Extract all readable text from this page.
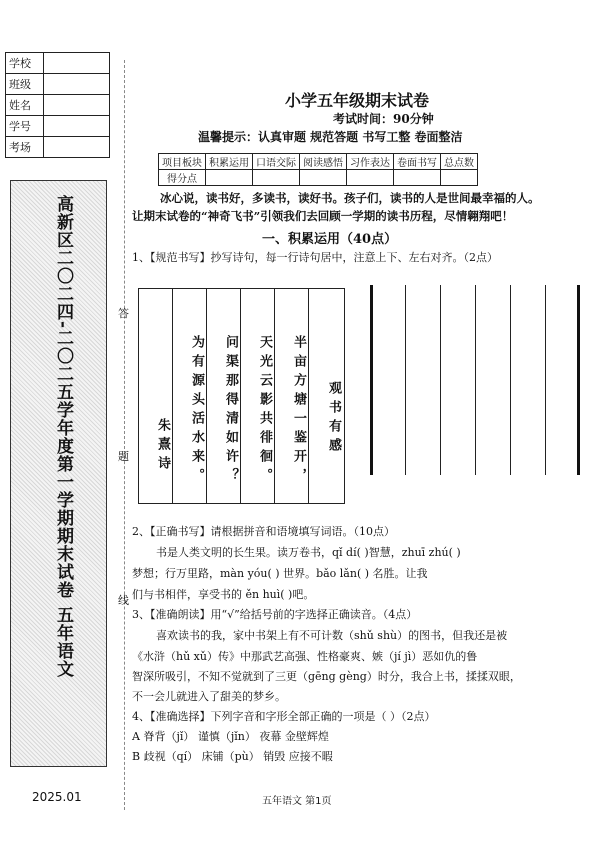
学校	
班级	
姓名	
学号	
考场	
高新区二〇二四-二〇二五学年度第一学期期末试卷 五年语文	答
题
线
2025.01	五年语文 第1页
小学五年级期末试卷
考试时间：90分钟
温馨提示：认真审题 规范答题 书写工整 卷面整洁
项目板块	积累运用	口语交际	阅读感悟	习作表达	卷面书写	总点数
得分点						
冰心说，读书好，多读书，读好书。孩子们，读书的人是世间最幸福的人。
让期末试卷的“神奇飞书”引领我们去回顾一学期的读书历程，尽情翱翔吧！
一、积累运用（40点）
1、【规范书写】抄写诗句，每一行诗句居中，注意上下、左右对齐。（2点）
朱熹诗	为有源头活水来。	问渠那得清如许？	天光云影共徘徊。	半亩方塘一鉴开，	观书有感
2、【正确书写】请根据拼音和语境填写词语。（10点）
书是人类文明的长生果。读万卷书，qǐ dí( )智慧，zhuī zhú( )
梦想；行万里路，màn yóu( ) 世界。bǎo lǎn( ) 名胜。让我
们与书相伴，享受书的 ěn huì( )吧。
3、【准确朗读】用“√”给括号前的字选择正确读音。（4点）
喜欢读书的我，家中书架上有不可计数（shǔ shù）的图书，但我还是被
《水浒（hǔ xǔ）传》中那武艺高强、性格豪爽、嫉（jí jì）恶如仇的鲁
智深所吸引，不知不觉就到了三更（gēng gèng）时分，我合上书，揉揉双眼，
不一会儿就进入了甜美的梦乡。
4、【准确选择】下列字音和字形全部正确的一项是（ ）（2点）
A 脊背（jǐ） 谨慎（jǐn） 夜幕 金壁辉煌
B 歧视（qí） 床铺（pù） 销毁 应接不暇
